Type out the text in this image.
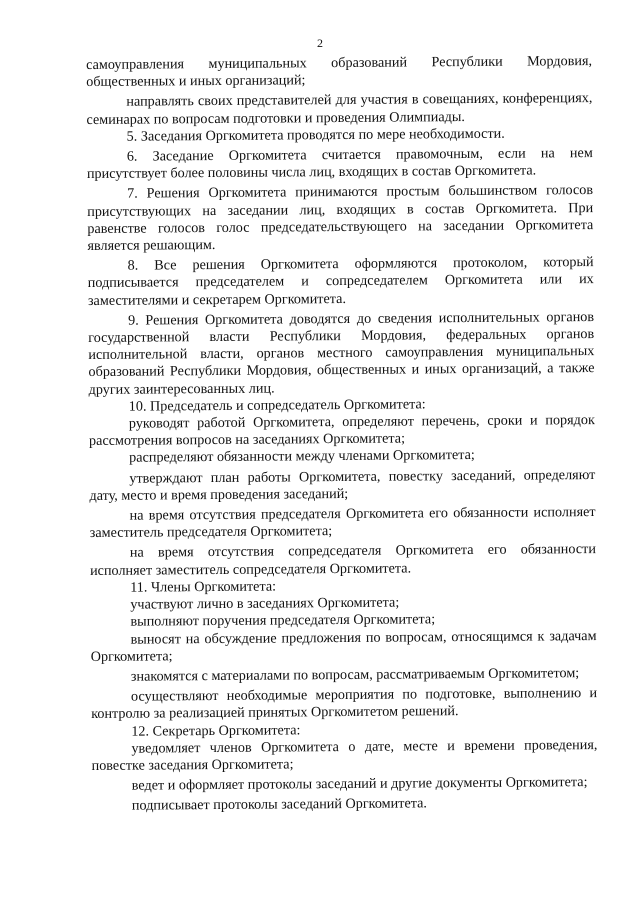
2

самоуправления муниципальных образований Республики Мордовия, общественных и иных организаций;

направлять своих представителей для участия в совещаниях, конференциях, семинарах по вопросам подготовки и проведения Олимпиады.

5. Заседания Оргкомитета проводятся по мере необходимости.

6. Заседание Оргкомитета считается правомочным, если на нем присутствует более половины числа лиц, входящих в состав Оргкомитета.

7. Решения Оргкомитета принимаются простым большинством голосов присутствующих на заседании лиц, входящих в состав Оргкомитета. При равенстве голосов голос председательствующего на заседании Оргкомитета является решающим.

8. Все решения Оргкомитета оформляются протоколом, который подписывается председателем и сопредседателем Оргкомитета или их заместителями и секретарем Оргкомитета.

9. Решения Оргкомитета доводятся до сведения исполнительных органов государственной власти Республики Мордовия, федеральных органов исполнительной власти, органов местного самоуправления муниципальных образований Республики Мордовия, общественных и иных организаций, а также других заинтересованных лиц.

10. Председатель и сопредседатель Оргкомитета:

руководят работой Оргкомитета, определяют перечень, сроки и порядок рассмотрения вопросов на заседаниях Оргкомитета;

распределяют обязанности между членами Оргкомитета;

утверждают план работы Оргкомитета, повестку заседаний, определяют дату, место и время проведения заседаний;

на время отсутствия председателя Оргкомитета его обязанности исполняет заместитель председателя Оргкомитета;

на время отсутствия сопредседателя Оргкомитета его обязанности исполняет заместитель сопредседателя Оргкомитета.

11. Члены Оргкомитета:

участвуют лично в заседаниях Оргкомитета;

выполняют поручения председателя Оргкомитета;

выносят на обсуждение предложения по вопросам, относящимся к задачам Оргкомитета;

знакомятся с материалами по вопросам, рассматриваемым Оргкомитетом;

осуществляют необходимые мероприятия по подготовке, выполнению и контролю за реализацией принятых Оргкомитетом решений.

12. Секретарь Оргкомитета:

уведомляет членов Оргкомитета о дате, месте и времени проведения, повестке заседания Оргкомитета;

ведет и оформляет протоколы заседаний и другие документы Оргкомитета;

подписывает протоколы заседаний Оргкомитета.
